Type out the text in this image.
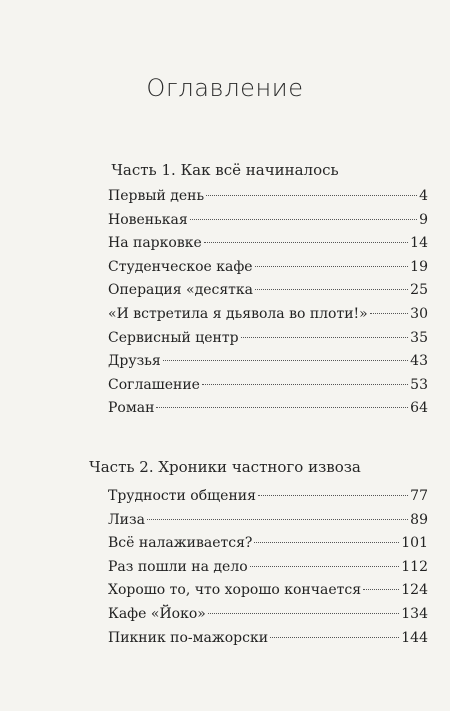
Оглавление
Часть 1. Как всё начиналось
Первый день	4
Новенькая	9
На парковке	14
Студенческое кафе	19
Операция «десятка	25
«И встретила я дьявола во плоти!»	30
Сервисный центр	35
Друзья	43
Соглашение	53
Роман	64
Часть 2. Хроники частного извоза
Трудности общения	77
Лиза	89
Всё налаживается?	101
Раз пошли на дело	112
Хорошо то, что хорошо кончается	124
Кафе «Йоко»	134
Пикник по-мажорски	144
